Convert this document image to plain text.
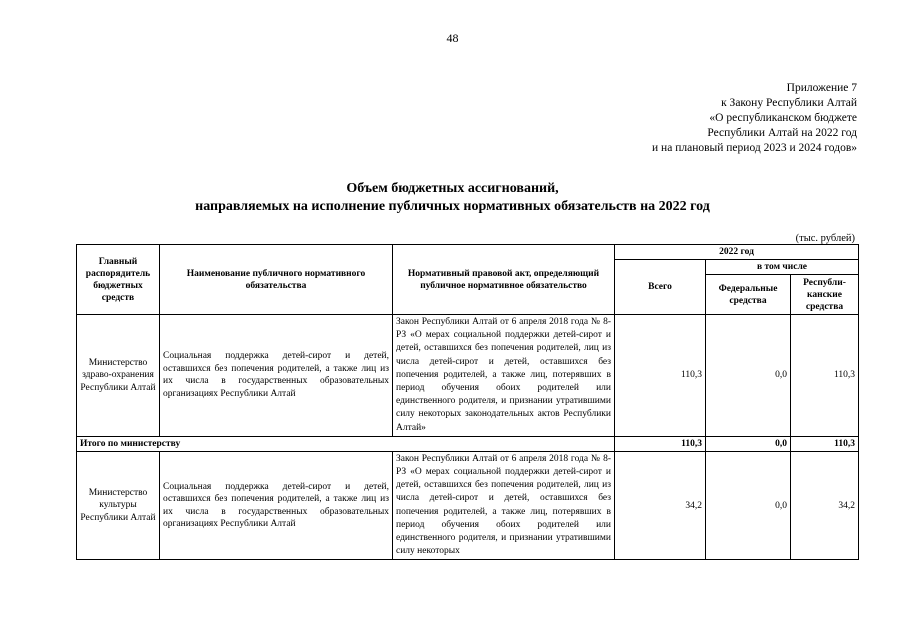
48
Приложение 7
к Закону Республики Алтай
«О республиканском бюджете
Республики Алтай на 2022 год
и на плановый период 2023 и 2024 годов»
Объем бюджетных ассигнований,
направляемых на исполнение публичных нормативных обязательств на 2022 год
(тыс. рублей)
Главный распорядитель бюджетных средств	Наименование публичного нормативного обязательства	Нормативный правовой акт, определяющий публичное нормативное обязательство	2022 год		
			Всего	в том числе	
				Федеральные средства	Республи-канские средства
Министерство здраво-охранения Республики Алтай	Социальная поддержка детей-сирот и детей, оставшихся без попечения родителей, а также лиц из их числа в государственных образовательных организациях Республики Алтай	Закон Республики Алтай от 6 апреля 2018 года № 8-РЗ «О мерах социальной поддержки детей-сирот и детей, оставшихся без попечения родителей, лиц из числа детей-сирот и детей, оставшихся без попечения родителей, а также лиц, потерявших в период обучения обоих родителей или единственного родителя, и признании утратившими силу некоторых законодательных актов Республики Алтай»	110,3	0,0	110,3
Итого по министерству			110,3	0,0	110,3
Министерство культуры Республики Алтай	Социальная поддержка детей-сирот и детей, оставшихся без попечения родителей, а также лиц из их числа в государственных образовательных организациях Республики Алтай	Закон Республики Алтай от 6 апреля 2018 года № 8-РЗ «О мерах социальной поддержки детей-сирот и детей, оставшихся без попечения родителей, лиц из числа детей-сирот и детей, оставшихся без попечения родителей, а также лиц, потерявших в период обучения обоих родителей или единственного родителя, и признании утратившими силу некоторых	34,2	0,0	34,2
